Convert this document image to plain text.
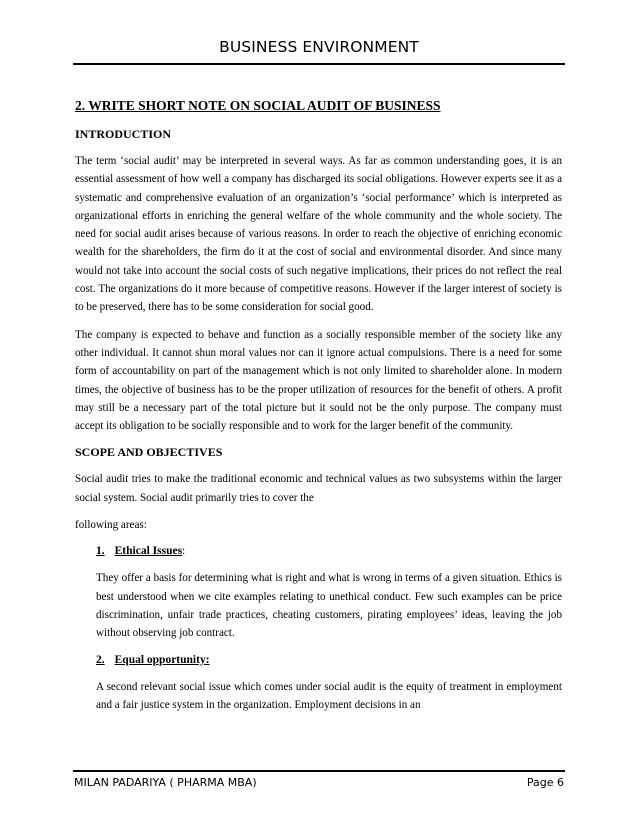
BUSINESS ENVIRONMENT
2. WRITE SHORT NOTE ON SOCIAL AUDIT OF BUSINESS
INTRODUCTION

The term ‘social audit’ may be interpreted in several ways. As far as common understanding goes, it is an essential assessment of how well a company has discharged its social obligations. However experts see it as a systematic and comprehensive evaluation of an organization’s ‘social performance’ which is interpreted as organizational efforts in enriching the general welfare of the whole community and the whole society. The need for social audit arises because of various reasons. In order to reach the objective of enriching economic wealth for the shareholders, the firm do it at the cost of social and environmental disorder. And since many would not take into account the social costs of such negative implications, their prices do not reflect the real cost. The organizations do it more because of competitive reasons. However if the larger interest of society is to be preserved, there has to be some consideration for social good.

The company is expected to behave and function as a socially responsible member of the society like any other individual. It cannot shun moral values nor can it ignore actual compulsions. There is a need for some form of accountability on part of the management which is not only limited to shareholder alone. In modern times, the objective of business has to be the proper utilization of resources for the benefit of others. A profit may still be a necessary part of the total picture but it sould not be the only purpose. The company must accept its obligation to be socially responsible and to work for the larger benefit of the community.

SCOPE AND OBJECTIVES

Social audit tries to make the traditional economic and technical values as two subsystems within the larger social system. Social audit primarily tries to cover the

following areas:

1. Ethical Issues:

They offer a basis for determining what is right and what is wrong in terms of a given situation. Ethics is best understood when we cite examples relating to unethical conduct. Few such examples can be price discrimination, unfair trade practices, cheating customers, pirating employees’ ideas, leaving the job without observing job contract.

2. Equal opportunity:

A second relevant social issue which comes under social audit is the equity of treatment in employment and a fair justice system in the organization. Employment decisions in an

MILAN PADARIYA ( PHARMA MBA)	Page 6
